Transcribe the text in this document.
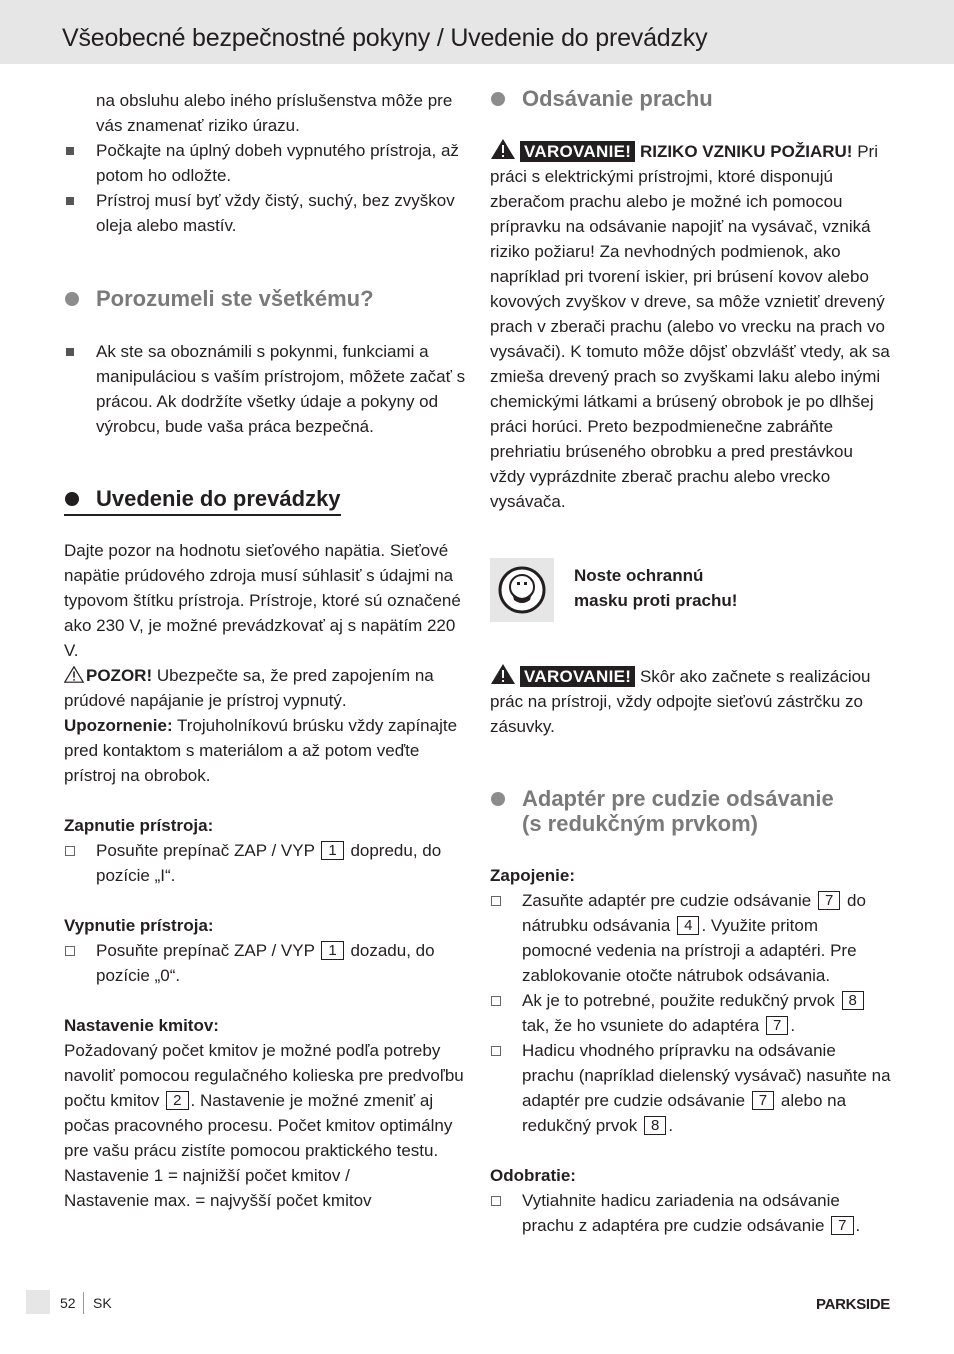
Všeobecné bezpečnostné pokyny / Uvedenie do prevádzky
na obsluhu alebo iného príslušenstva môže pre vás znamenať riziko úrazu.
Počkajte na úplný dobeh vypnutého prístroja, až potom ho odložte.
Prístroj musí byť vždy čistý, suchý, bez zvyškov oleja alebo mastív.
Porozumeli ste všetkému?
Ak ste sa oboznámili s pokynmi, funkciami a manipuláciou s vaším prístrojom, môžete začať s prácou. Ak dodržíte všetky údaje a pokyny od výrobcu, bude vaša práca bezpečná.
Uvedenie do prevádzky

Dajte pozor na hodnotu sieťového napätia. Sieťové napätie prúdového zdroja musí súhlasiť s údajmi na typovom štítku prístroja. Prístroje, ktoré sú označené ako 230 V, je možné prevádzkovať aj s napätím 220 V.

POZOR! Ubezpečte sa, že pred zapojením na prúdové napájanie je prístroj vypnutý.

Upozornenie: Trojuholníkovú brúsku vždy zapínajte pred kontaktom s materiálom a až potom veďte prístroj na obrobok.

Zapnutie prístroja:
Posuňte prepínač ZAP / VYP 1 dopredu, do pozície „I“.
Vypnutie prístroja:
Posuňte prepínač ZAP / VYP 1 dozadu, do pozície „0“.
Nastavenie kmitov:

Požadovaný počet kmitov je možné podľa potreby navoliť pomocou regulačného kolieska pre predvoľbu počtu kmitov 2 . Nastavenie je možné zmeniť aj počas pracovného procesu. Počet kmitov optimálny pre vašu prácu zistíte pomocou praktického testu.

Nastavenie 1 = najnižší počet kmitov /

Nastavenie max. = najvyšší počet kmitov

Odsávanie prachu

VAROVANIE! RIZIKO VZNIKU POŽIARU! Pri práci s elektrickými prístrojmi, ktoré disponujú zberačom prachu alebo je možné ich pomocou prípravku na odsávanie napojiť na vysávač, vzniká riziko požiaru! Za nevhodných podmienok, ako napríklad pri tvorení iskier, pri brúsení kovov alebo kovových zvyškov v dreve, sa môže vznietiť drevený prach v zberači prachu (alebo vo vrecku na prach vo vysávači). K tomuto môže dôjsť obzvlášť vtedy, ak sa zmieša drevený prach so zvyškami laku alebo inými chemickými látkami a brúsený obrobok je po dlhšej práci horúci. Preto bezpodmienečne zabráňte prehriatiu brúseného obrobku a pred prestávkou vždy vyprázdnite zberač prachu alebo vrecko vysávača.

Noste ochrannú
masku proti prachu!

VAROVANIE! Skôr ako začnete s realizáciou prác na prístroji, vždy odpojte sieťovú zástrčku zo zásuvky.

Adaptér pre cudzie odsávanie
(s redukčným prvkom)
Zapojenie:
Zasuňte adaptér pre cudzie odsávanie 7 do nátrubku odsávania 4 . Využite pritom pomocné vedenia na prístroji a adaptéri. Pre zablokovanie otočte nátrubok odsávania.
Ak je to potrebné, použite redukčný prvok 8 tak, že ho vsuniete do adaptéra 7 .
Hadicu vhodného prípravku na odsávanie prachu (napríklad dielenský vysávač) nasuňte na adaptér pre cudzie odsávanie 7 alebo na redukčný prvok 8 .
Odobratie:
Vytiahnite hadicu zariadenia na odsávanie prachu z adaptéra pre cudzie odsávanie 7 .
52 SK	PARKSIDE
